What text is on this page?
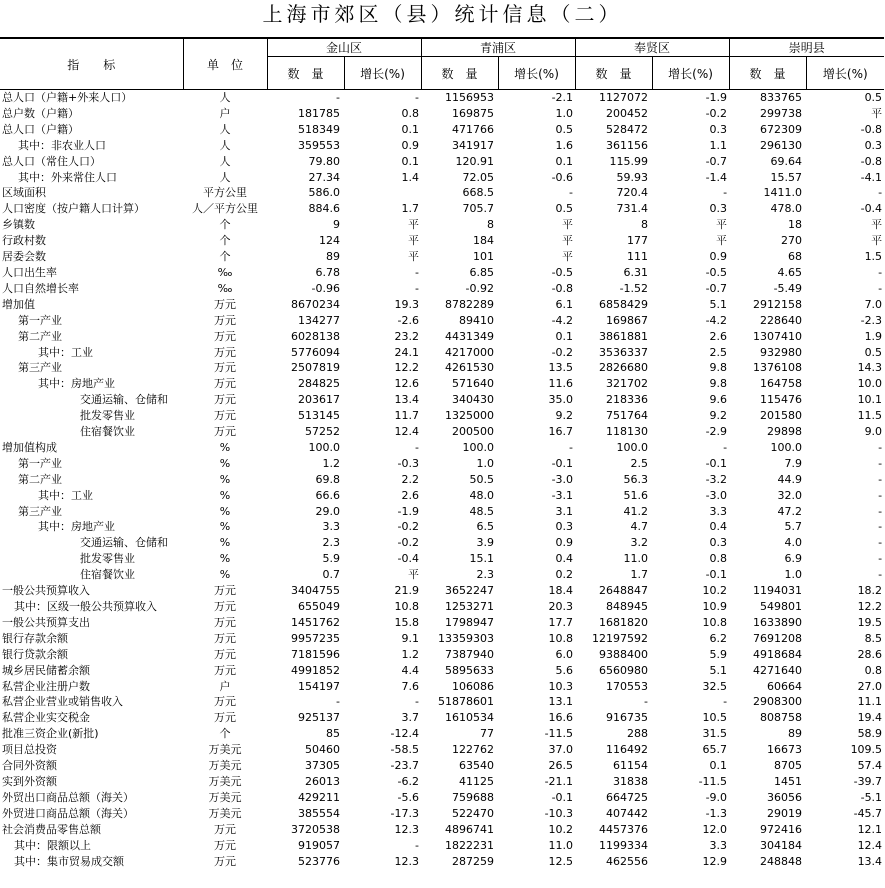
上海市郊区（县）统计信息（二）
指　　标	单　位	金山区		青浦区		奉贤区		崇明县	
		数　量	增长(%)	数　量	增长(%)	数　量	增长(%)	数　量	增长(%)
总人口（户籍+外来人口）	人	-	-	1156953	-2.1	1127072	-1.9	833765	0.5
总户数（户籍）	户	181785	0.8	169875	1.0	200452	-0.2	299738	平
总人口（户籍）	人	518349	0.1	471766	0.5	528472	0.3	672309	-0.8
其中：非农业人口	人	359553	0.9	341917	1.6	361156	1.1	296130	0.3
总人口（常住人口）	人	79.80	0.1	120.91	0.1	115.99	-0.7	69.64	-0.8
其中：外来常住人口	人	27.34	1.4	72.05	-0.6	59.93	-1.4	15.57	-4.1
区域面积	平方公里	586.0		668.5	-	720.4	-	1411.0	-
人口密度（按户籍人口计算）	人／平方公里	884.6	1.7	705.7	0.5	731.4	0.3	478.0	-0.4
乡镇数	个	9	平	8	平	8	平	18	平
行政村数	个	124	平	184	平	177	平	270	平
居委会数	个	89	平	101	平	111	0.9	68	1.5
人口出生率	‰	6.78	-	6.85	-0.5	6.31	-0.5	4.65	-
人口自然增长率	‰	-0.96	-	-0.92	-0.8	-1.52	-0.7	-5.49	-
增加值	万元	8670234	19.3	8782289	6.1	6858429	5.1	2912158	7.0
第一产业	万元	134277	-2.6	89410	-4.2	169867	-4.2	228640	-2.3
第二产业	万元	6028138	23.2	4431349	0.1	3861881	2.6	1307410	1.9
其中：工业	万元	5776094	24.1	4217000	-0.2	3536337	2.5	932980	0.5
第三产业	万元	2507819	12.2	4261530	13.5	2826680	9.8	1376108	14.3
其中：房地产业	万元	284825	12.6	571640	11.6	321702	9.8	164758	10.0
交通运输、仓储和	万元	203617	13.4	340430	35.0	218336	9.6	115476	10.1
批发零售业	万元	513145	11.7	1325000	9.2	751764	9.2	201580	11.5
住宿餐饮业	万元	57252	12.4	200500	16.7	118130	-2.9	29898	9.0
增加值构成	%	100.0	-	100.0	-	100.0	-	100.0	-
第一产业	%	1.2	-0.3	1.0	-0.1	2.5	-0.1	7.9	-
第二产业	%	69.8	2.2	50.5	-3.0	56.3	-3.2	44.9	-
其中：工业	%	66.6	2.6	48.0	-3.1	51.6	-3.0	32.0	-
第三产业	%	29.0	-1.9	48.5	3.1	41.2	3.3	47.2	-
其中：房地产业	%	3.3	-0.2	6.5	0.3	4.7	0.4	5.7	-
交通运输、仓储和	%	2.3	-0.2	3.9	0.9	3.2	0.3	4.0	-
批发零售业	%	5.9	-0.4	15.1	0.4	11.0	0.8	6.9	-
住宿餐饮业	%	0.7	平	2.3	0.2	1.7	-0.1	1.0	-
一般公共预算收入	万元	3404755	21.9	3652247	18.4	2648847	10.2	1194031	18.2
其中：区级一般公共预算收入	万元	655049	10.8	1253271	20.3	848945	10.9	549801	12.2
一般公共预算支出	万元	1451762	15.8	1798947	17.7	1681820	10.8	1633890	19.5
银行存款余额	万元	9957235	9.1	13359303	10.8	12197592	6.2	7691208	8.5
银行贷款余额	万元	7181596	1.2	7387940	6.0	9388400	5.9	4918684	28.6
城乡居民储蓄余额	万元	4991852	4.4	5895633	5.6	6560980	5.1	4271640	0.8
私营企业注册户数	户	154197	7.6	106086	10.3	170553	32.5	60664	27.0
私营企业营业或销售收入	万元	-	-	51878601	13.1	-	-	2908300	11.1
私营企业实交税金	万元	925137	3.7	1610534	16.6	916735	10.5	808758	19.4
批准三资企业(新批)	个	85	-12.4	77	-11.5	288	31.5	89	58.9
项目总投资	万美元	50460	-58.5	122762	37.0	116492	65.7	16673	109.5
合同外资额	万美元	37305	-23.7	63540	26.5	61154	0.1	8705	57.4
实到外资额	万美元	26013	-6.2	41125	-21.1	31838	-11.5	1451	-39.7
外贸出口商品总额（海关）	万美元	429211	-5.6	759688	-0.1	664725	-9.0	36056	-5.1
外贸进口商品总额（海关）	万美元	385554	-17.3	522470	-10.3	407442	-1.3	29019	-45.7
社会消费品零售总额	万元	3720538	12.3	4896741	10.2	4457376	12.0	972416	12.1
其中：限额以上	万元	919057	-	1822231	11.0	1199334	3.3	304184	12.4
其中：集市贸易成交额	万元	523776	12.3	287259	12.5	462556	12.9	248848	13.4
